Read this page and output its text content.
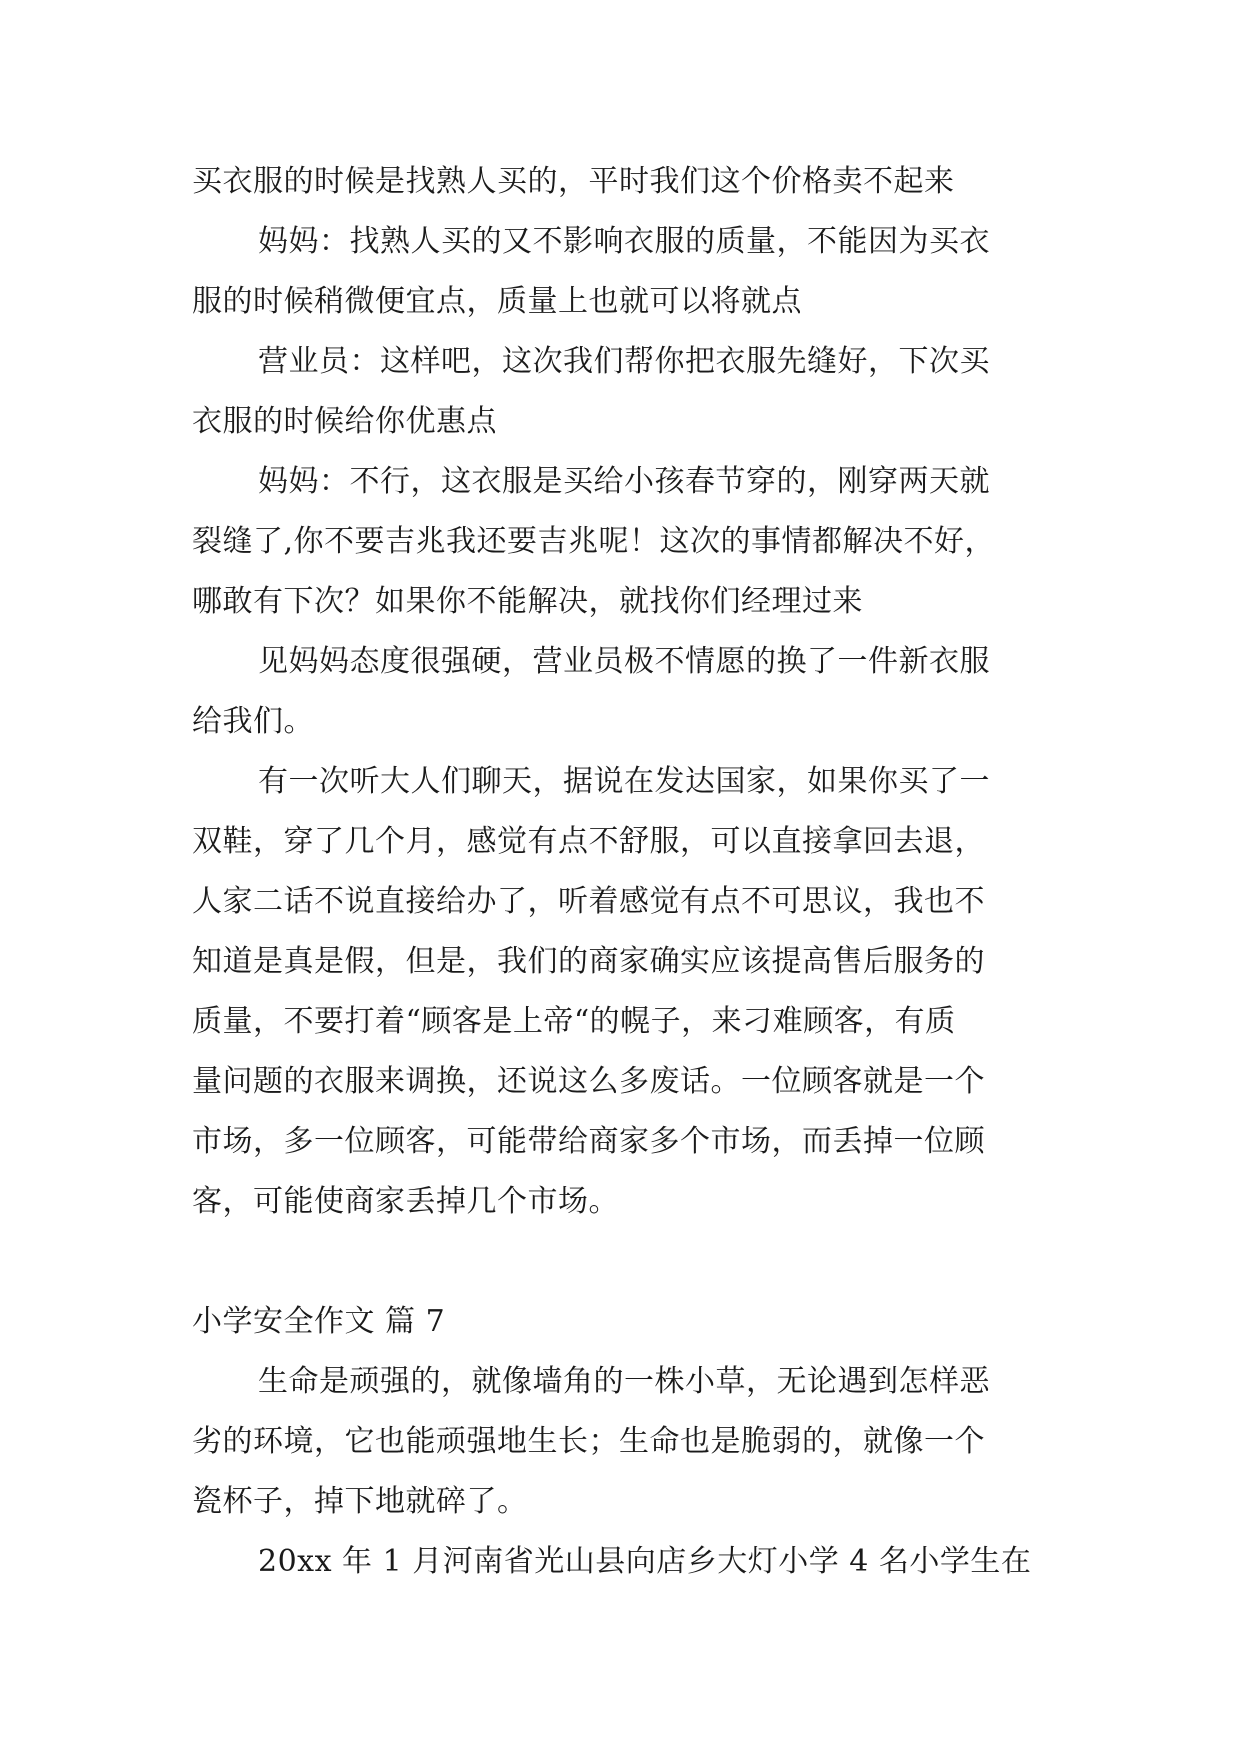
买衣服的时候是找熟人买的，平时我们这个价格卖不起来
妈妈：找熟人买的又不影响衣服的质量，不能因为买衣
服的时候稍微便宜点，质量上也就可以将就点
营业员：这样吧，这次我们帮你把衣服先缝好，下次买
衣服的时候给你优惠点
妈妈：不行，这衣服是买给小孩春节穿的，刚穿两天就
裂缝了,你不要吉兆我还要吉兆呢！这次的事情都解决不好，
哪敢有下次？如果你不能解决，就找你们经理过来
见妈妈态度很强硬，营业员极不情愿的换了一件新衣服
给我们。
有一次听大人们聊天，据说在发达国家，如果你买了一
双鞋，穿了几个月，感觉有点不舒服，可以直接拿回去退，
人家二话不说直接给办了，听着感觉有点不可思议，我也不
知道是真是假，但是，我们的商家确实应该提高售后服务的
质量，不要打着“顾客是上帝“的幌子，来刁难顾客，有质
量问题的衣服来调换，还说这么多废话。一位顾客就是一个
市场，多一位顾客，可能带给商家多个市场，而丢掉一位顾
客，可能使商家丢掉几个市场。
小学安全作文 篇 7
生命是顽强的，就像墙角的一株小草，无论遇到怎样恶
劣的环境，它也能顽强地生长；生命也是脆弱的，就像一个
瓷杯子，掉下地就碎了。
20xx 年 1 月河南省光山县向店乡大灯小学 4 名小学生在
